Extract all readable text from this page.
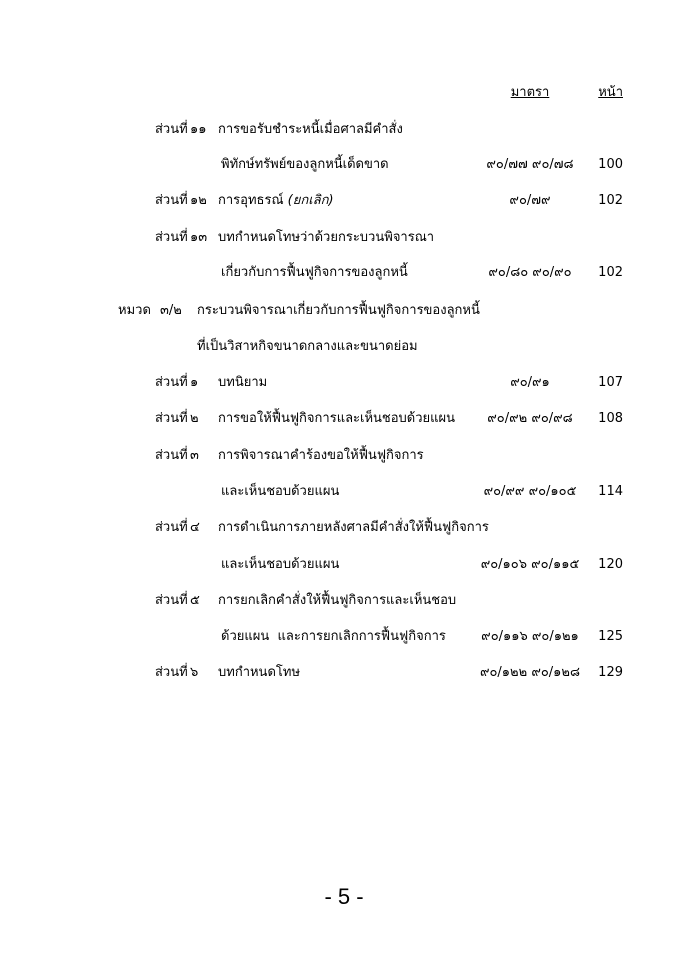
มาตรา	หน้า
ส่วนที่ ๑๑ การขอรับชำระหนี้เมื่อศาลมีคำสั่ง
พิทักษ์ทรัพย์ของลูกหนี้เด็ดขาด	๙๐/๗๗ ๙๐/๗๘	100
ส่วนที่ ๑๒ การอุทธรณ์ (ยกเลิก)	๙๐/๗๙	102
ส่วนที่ ๑๓ บทกำหนดโทษว่าด้วยกระบวนพิจารณา
เกี่ยวกับการฟื้นฟูกิจการของลูกหนี้	๙๐/๘๐ ๙๐/๙๐	102
หมวด ๓/๒ กระบวนพิจารณาเกี่ยวกับการฟื้นฟูกิจการของลูกหนี้
ที่เป็นวิสาหกิจขนาดกลางและขนาดย่อม
ส่วนที่ ๑ บทนิยาม	๙๐/๙๑	107
ส่วนที่ ๒ การขอให้ฟื้นฟูกิจการและเห็นชอบด้วยแผน	๙๐/๙๒ ๙๐/๙๘	108
ส่วนที่ ๓ การพิจารณาคำร้องขอให้ฟื้นฟูกิจการ
และเห็นชอบด้วยแผน	๙๐/๙๙ ๙๐/๑๐๕	114
ส่วนที่ ๔ การดำเนินการภายหลังศาลมีคำสั่งให้ฟื้นฟูกิจการ
และเห็นชอบด้วยแผน	๙๐/๑๐๖ ๙๐/๑๑๕	120
ส่วนที่ ๕ การยกเลิกคำสั่งให้ฟื้นฟูกิจการและเห็นชอบ
ด้วยแผน  และการยกเลิกการฟื้นฟูกิจการ	๙๐/๑๑๖ ๙๐/๑๒๑	125
ส่วนที่ ๖ บทกำหนดโทษ	๙๐/๑๒๒ ๙๐/๑๒๘	129
- 5 -
